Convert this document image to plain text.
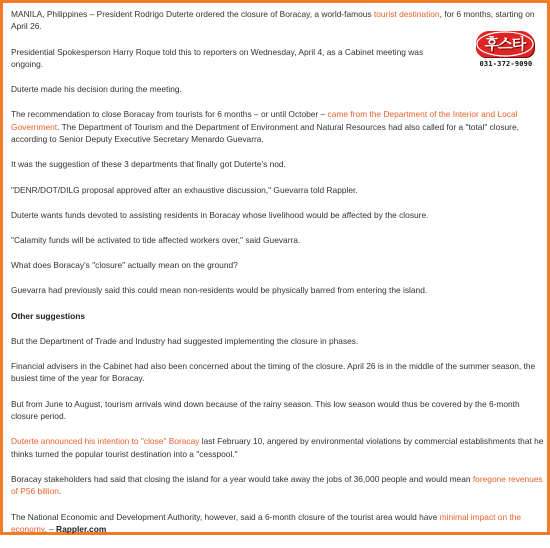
MANILA, Philippines – President Rodrigo Duterte ordered the closure of Boracay, a world-famous tourist destination, for 6 months, starting on April 26.

Presidential Spokesperson Harry Roque told this to reporters on Wednesday, April 4, as a Cabinet meeting was ongoing.

Duterte made his decision during the meeting.

The recommendation to close Boracay from tourists for 6 months – or until October – came from the Department of the Interior and Local Government. The Department of Tourism and the Department of Environment and Natural Resources had also called for a "total" closure, according to Senior Deputy Executive Secretary Menardo Guevarra.

It was the suggestion of these 3 departments that finally got Duterte's nod.

"DENR/DOT/DILG proposal approved after an exhaustive discussion," Guevarra told Rappler.

Duterte wants funds devoted to assisting residents in Boracay whose livelihood would be affected by the closure.

"Calamity funds will be activated to tide affected workers over," said Guevarra.

What does Boracay's "closure" actually mean on the ground?

Guevarra had previously said this could mean non-residents would be physically barred from entering the island.

Other suggestions

But the Department of Trade and Industry had suggested implementing the closure in phases.

Financial advisers in the Cabinet had also been concerned about the timing of the closure. April 26 is in the middle of the summer season, the busiest time of the year for Boracay.

But from June to August, tourism arrivals wind down because of the rainy season. This low season would thus be covered by the 6-month closure period.

Duterte announced his intention to "close" Boracay last February 10, angered by environmental violations by commercial establishments that he thinks turned the popular tourist destination into a "cesspool."

Boracay stakeholders had said that closing the island for a year would take away the jobs of 36,000 people and would mean foregone revenues of P56 billion.

The National Economic and Development Authority, however, said a 6-month closure of the tourist area would have minimal impact on the economy. – Rappler.com

후스타
031-372-9090
